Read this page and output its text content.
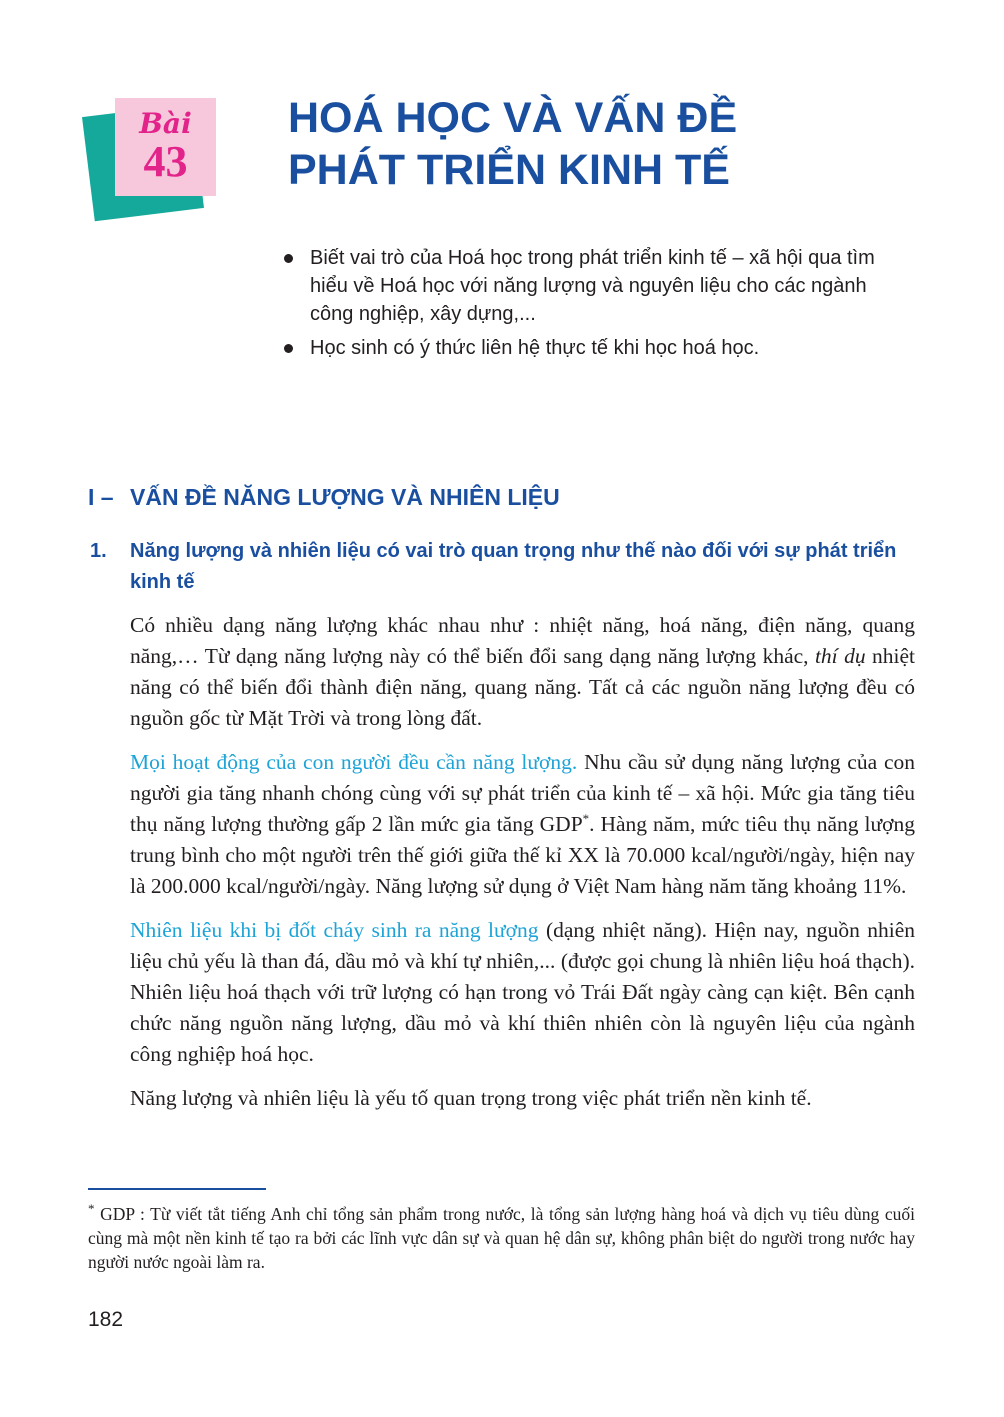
Bài
43
HOÁ HỌC VÀ VẤN ĐỀ
PHÁT TRIỂN KINH TẾ
Biết vai trò của Hoá học trong phát triển kinh tế – xã hội qua tìm hiểu về Hoá học với năng lượng và nguyên liệu cho các ngành công nghiệp, xây dựng,...
Học sinh có ý thức liên hệ thực tế khi học hoá học.
I – VẤN ĐỀ NĂNG LƯỢNG VÀ NHIÊN LIỆU
1.	Năng lượng và nhiên liệu có vai trò quan trọng như thế nào đối với sự phát triển kinh tế

Có nhiều dạng năng lượng khác nhau như : nhiệt năng, hoá năng, điện năng, quang năng,… Từ dạng năng lượng này có thể biến đổi sang dạng năng lượng khác, thí dụ nhiệt năng có thể biến đổi thành điện năng, quang năng. Tất cả các nguồn năng lượng đều có nguồn gốc từ Mặt Trời và trong lòng đất.

Mọi hoạt động của con người đều cần năng lượng. Nhu cầu sử dụng năng lượng của con người gia tăng nhanh chóng cùng với sự phát triển của kinh tế – xã hội. Mức gia tăng tiêu thụ năng lượng thường gấp 2 lần mức gia tăng GDP*. Hàng năm, mức tiêu thụ năng lượng trung bình cho một người trên thế giới giữa thế kỉ XX là 70.000 kcal/người/ngày, hiện nay là 200.000 kcal/người/ngày. Năng lượng sử dụng ở Việt Nam hàng năm tăng khoảng 11%.

Nhiên liệu khi bị đốt cháy sinh ra năng lượng (dạng nhiệt năng). Hiện nay, nguồn nhiên liệu chủ yếu là than đá, dầu mỏ và khí tự nhiên,... (được gọi chung là nhiên liệu hoá thạch). Nhiên liệu hoá thạch với trữ lượng có hạn trong vỏ Trái Đất ngày càng cạn kiệt. Bên cạnh chức năng nguồn năng lượng, dầu mỏ và khí thiên nhiên còn là nguyên liệu của ngành công nghiệp hoá học.

Năng lượng và nhiên liệu là yếu tố quan trọng trong việc phát triển nền kinh tế.

* GDP : Từ viết tắt tiếng Anh chỉ tổng sản phẩm trong nước, là tổng sản lượng hàng hoá và dịch vụ tiêu dùng cuối cùng mà một nền kinh tế tạo ra bởi các lĩnh vực dân sự và quan hệ dân sự, không phân biệt do người trong nước hay người nước ngoài làm ra.

182
